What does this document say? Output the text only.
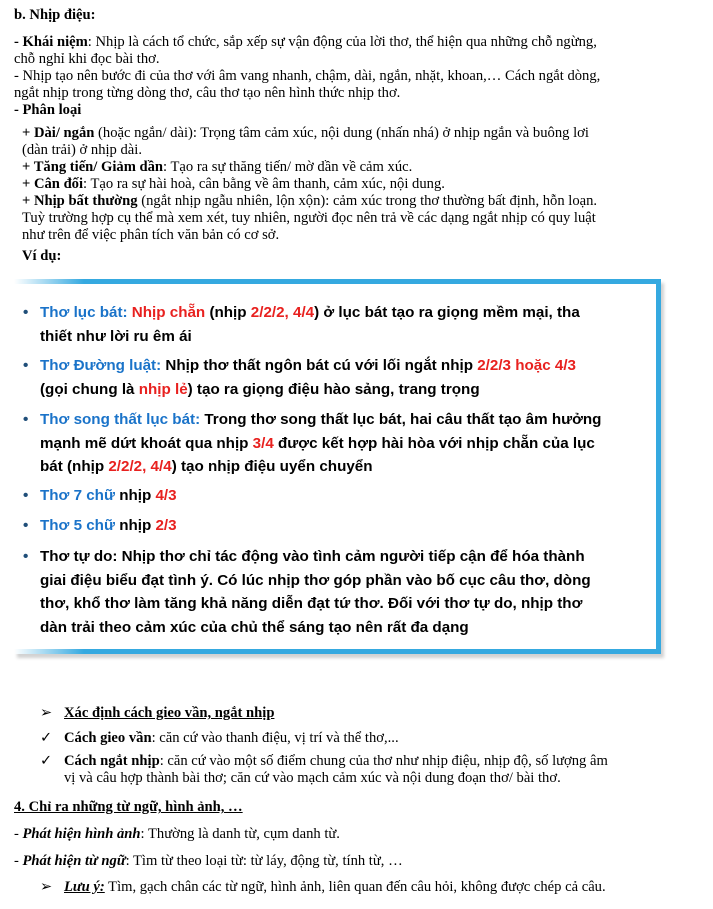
b. Nhịp điệu:
- Khái niệm: Nhịp là cách tổ chức, sắp xếp sự vận động của lời thơ, thể hiện qua những chỗ ngừng,
chỗ nghỉ khi đọc bài thơ.
- Nhịp tạo nên bước đi của thơ với âm vang nhanh, chậm, dài, ngắn, nhặt, khoan,… Cách ngắt dòng,
ngắt nhịp trong từng dòng thơ, câu thơ tạo nên hình thức nhịp thơ.
- Phân loại
+ Dài/ ngắn (hoặc ngắn/ dài): Trọng tâm cảm xúc, nội dung (nhấn nhá) ở nhịp ngắn và buông lơi
(dàn trải) ở nhịp dài.
+ Tăng tiến/ Giảm dần: Tạo ra sự thăng tiến/ mờ dần về cảm xúc.
+ Cân đối: Tạo ra sự hài hoà, cân bằng về âm thanh, cảm xúc, nội dung.
+ Nhịp bất thường (ngắt nhịp ngẫu nhiên, lộn xộn): cảm xúc trong thơ thường bất định, hỗn loạn.
Tuỳ trường hợp cụ thể mà xem xét, tuy nhiên, người đọc nên trả về các dạng ngắt nhịp có quy luật
như trên để việc phân tích văn bản có cơ sở.
Ví dụ:
• Thơ lục bát: Nhịp chẵn (nhịp 2/2/2, 4/4) ở lục bát tạo ra giọng mềm mại, tha
thiết như lời ru êm ái
• Thơ Đường luật: Nhịp thơ thất ngôn bát cú với lối ngắt nhịp 2/2/3 hoặc 4/3
(gọi chung là nhịp lẻ) tạo ra giọng điệu hào sảng, trang trọng
• Thơ song thất lục bát: Trong thơ song thất lục bát, hai câu thất tạo âm hưởng
mạnh mẽ dứt khoát qua nhịp 3/4 được kết hợp hài hòa với nhịp chẵn của lục
bát (nhịp 2/2/2, 4/4) tạo nhịp điệu uyển chuyển
• Thơ 7 chữ nhịp 4/3
• Thơ 5 chữ nhịp 2/3
• Thơ tự do: Nhịp thơ chỉ tác động vào tình cảm người tiếp cận để hóa thành
giai điệu biểu đạt tình ý. Có lúc nhịp thơ góp phần vào bố cục câu thơ, dòng
thơ, khổ thơ làm tăng khả năng diễn đạt tứ thơ. Đối với thơ tự do, nhịp thơ
dàn trải theo cảm xúc của chủ thể sáng tạo nên rất đa dạng
➢ Xác định cách gieo vần, ngắt nhịp
✓ Cách gieo vần: căn cứ vào thanh điệu, vị trí và thể thơ,...
✓ Cách ngắt nhịp: căn cứ vào một số điểm chung của thơ như nhịp điệu, nhịp độ, số lượng âm
vị và câu hợp thành bài thơ; căn cứ vào mạch cảm xúc và nội dung đoạn thơ/ bài thơ.
4. Chỉ ra những từ ngữ, hình ảnh, …
- Phát hiện hình ảnh: Thường là danh từ, cụm danh từ.
- Phát hiện từ ngữ: Tìm từ theo loại từ: từ láy, động từ, tính từ, …
➢ Lưu ý: Tìm, gạch chân các từ ngữ, hình ảnh, liên quan đến câu hỏi, không được chép cả câu.
